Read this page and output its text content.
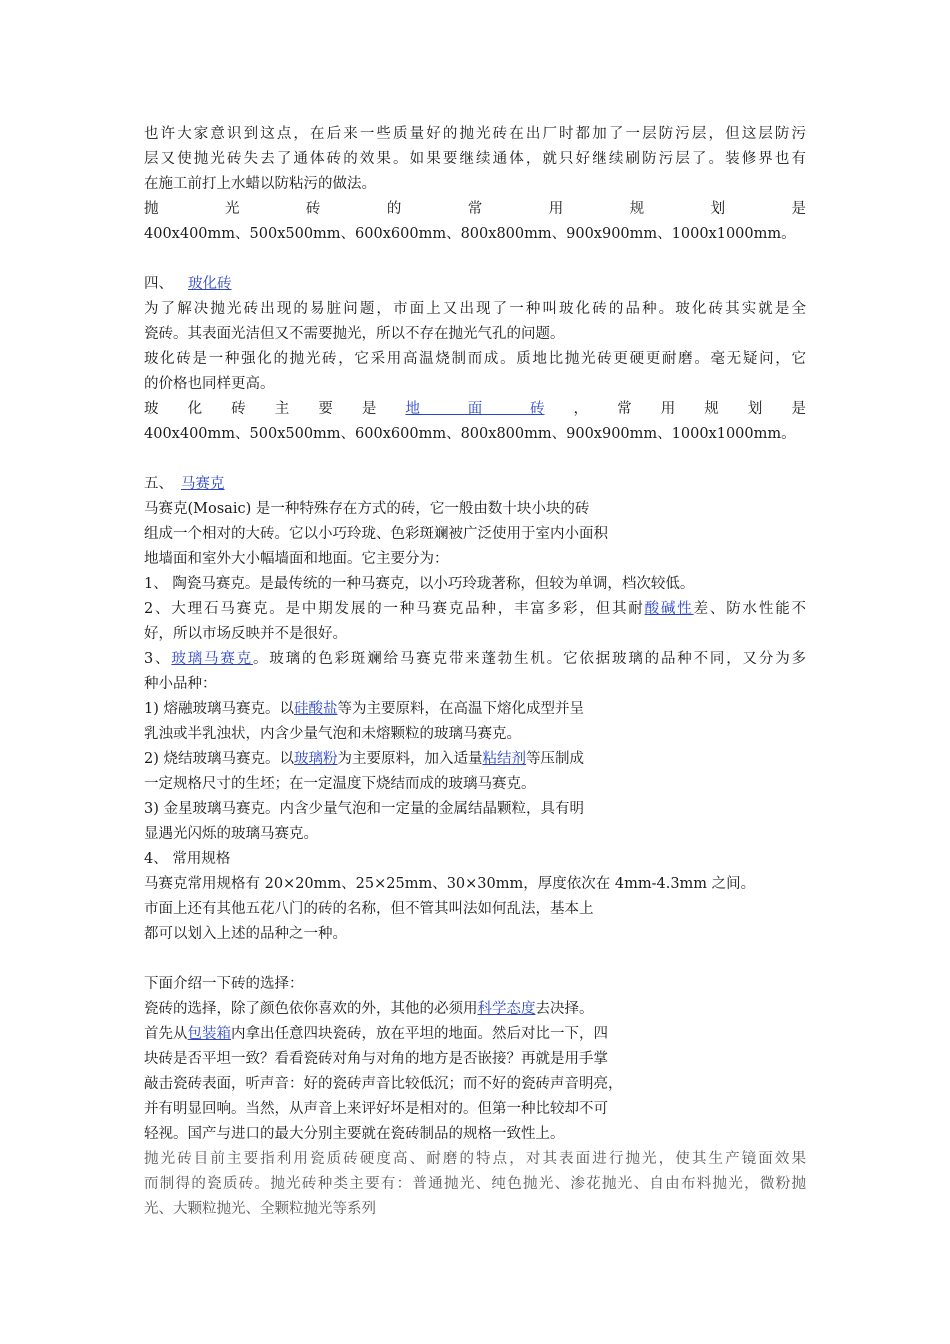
也许大家意识到这点，在后来一些质量好的抛光砖在出厂时都加了一层防污层，但这层防污

层又使抛光砖失去了通体砖的效果。如果要继续通体，就只好继续刷防污层了。装修界也有

在施工前打上水蜡以防粘污的做法。

抛	光	砖	的	常	用	规	划	是

400x400mm、500x500mm、600x600mm、800x800mm、900x900mm、1000x1000mm。

四、 玻化砖

为了解决抛光砖出现的易脏问题，市面上又出现了一种叫玻化砖的品种。玻化砖其实就是全

瓷砖。其表面光洁但又不需要抛光，所以不存在抛光气孔的问题。

玻化砖是一种强化的抛光砖，它采用高温烧制而成。质地比抛光砖更硬更耐磨。毫无疑问，它

的价格也同样更高。

玻 化 砖 主 要 是 地面砖 ， 常 用 规 划 是

400x400mm、500x500mm、600x600mm、800x800mm、900x900mm、1000x1000mm。

五、 马赛克

马赛克(Mosaic) 是一种特殊存在方式的砖，它一般由数十块小块的砖

组成一个相对的大砖。它以小巧玲珑、色彩斑斓被广泛使用于室内小面积

地墙面和室外大小幅墙面和地面。它主要分为：

1、 陶瓷马赛克。是最传统的一种马赛克，以小巧玲珑著称，但较为单调，档次较低。

2、大理石马赛克。是中期发展的一种马赛克品种，丰富多彩，但其耐酸碱性差、防水性能不

好，所以市场反映并不是很好。

3、玻璃马赛克。玻璃的色彩斑斓给马赛克带来蓬勃生机。它依据玻璃的品种不同，又分为多

种小品种：

1) 熔融玻璃马赛克。以硅酸盐等为主要原料，在高温下熔化成型并呈

乳浊或半乳浊状，内含少量气泡和未熔颗粒的玻璃马赛克。

2) 烧结玻璃马赛克。以玻璃粉为主要原料，加入适量粘结剂等压制成

一定规格尺寸的生坯；在一定温度下烧结而成的玻璃马赛克。

3) 金星玻璃马赛克。内含少量气泡和一定量的金属结晶颗粒，具有明

显遇光闪烁的玻璃马赛克。

4、 常用规格

马赛克常用规格有 20×20mm、25×25mm、30×30mm，厚度依次在 4mm-4.3mm 之间。

市面上还有其他五花八门的砖的名称，但不管其叫法如何乱法，基本上

都可以划入上述的品种之一种。

下面介绍一下砖的选择：

瓷砖的选择，除了颜色依你喜欢的外，其他的必须用科学态度去决择。

首先从包装箱内拿出任意四块瓷砖，放在平坦的地面。然后对比一下，四

块砖是否平坦一致？看看瓷砖对角与对角的地方是否嵌接？再就是用手掌

敲击瓷砖表面，听声音：好的瓷砖声音比较低沉；而不好的瓷砖声音明亮，

并有明显回响。当然，从声音上来评好坏是相对的。但第一种比较却不可

轻视。国产与进口的最大分别主要就在瓷砖制品的规格一致性上。

抛光砖目前主要指利用瓷质砖硬度高、耐磨的特点，对其表面进行抛光，使其生产镜面效果

而制得的瓷质砖。抛光砖种类主要有：普通抛光、纯色抛光、渗花抛光、自由布料抛光，微粉抛

光、大颗粒抛光、全颗粒抛光等系列
